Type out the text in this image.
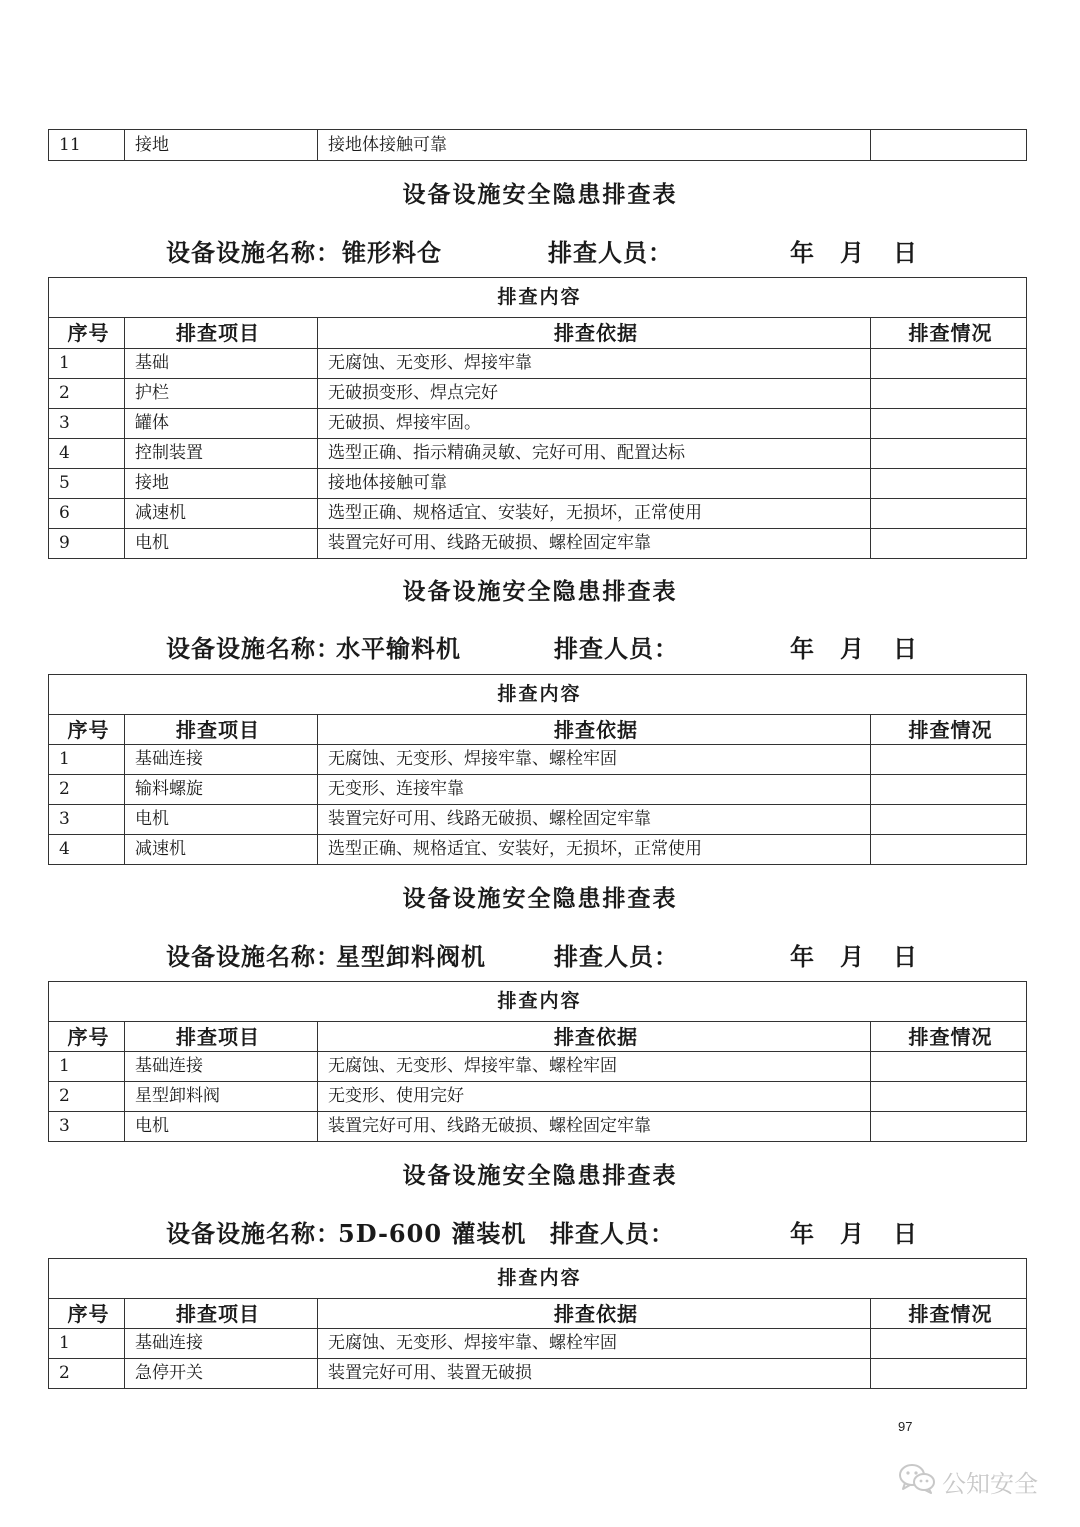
11	接地	接地体接触可靠	
设备设施安全隐患排查表
设备设施名称： 锥形料仓	排查人员：	年 月 日
排查内容			
序号	排查项目	排查依据	排查情况
1	基础	无腐蚀、无变形、焊接牢靠	
2	护栏	无破损变形、焊点完好	
3	罐体	无破损、焊接牢固。	
4	控制装置	选型正确、指示精确灵敏、完好可用、配置达标	
5	接地	接地体接触可靠	
6	减速机	选型正确、规格适宜、安装好，无损坏，正常使用	
9	电机	装置完好可用、线路无破损、螺栓固定牢靠	
设备设施安全隐患排查表
设备设施名称：
水平输料机	排查人员：	年 月 日
排查内容			
序号	排查项目	排查依据	排查情况
1	基础连接	无腐蚀、无变形、焊接牢靠、螺栓牢固	
2	输料螺旋	无变形、连接牢靠	
3	电机	装置完好可用、线路无破损、螺栓固定牢靠	
4	减速机	选型正确、规格适宜、安装好，无损坏，正常使用	
设备设施安全隐患排查表
设备设施名称：
星型卸料阀机	排查人员：	年 月 日
排查内容			
序号	排查项目	排查依据	排查情况
1	基础连接	无腐蚀、无变形、焊接牢靠、螺栓牢固	
2	星型卸料阀	无变形、使用完好	
3	电机	装置完好可用、线路无破损、螺栓固定牢靠	
设备设施安全隐患排查表
设备设施名称：
5D-600 灌装机 排查人员：	年 月 日
排查内容			
序号	排查项目	排查依据	排查情况
1	基础连接	无腐蚀、无变形、焊接牢靠、螺栓牢固	
2	急停开关	装置完好可用、装置无破损	
97
公知安全
